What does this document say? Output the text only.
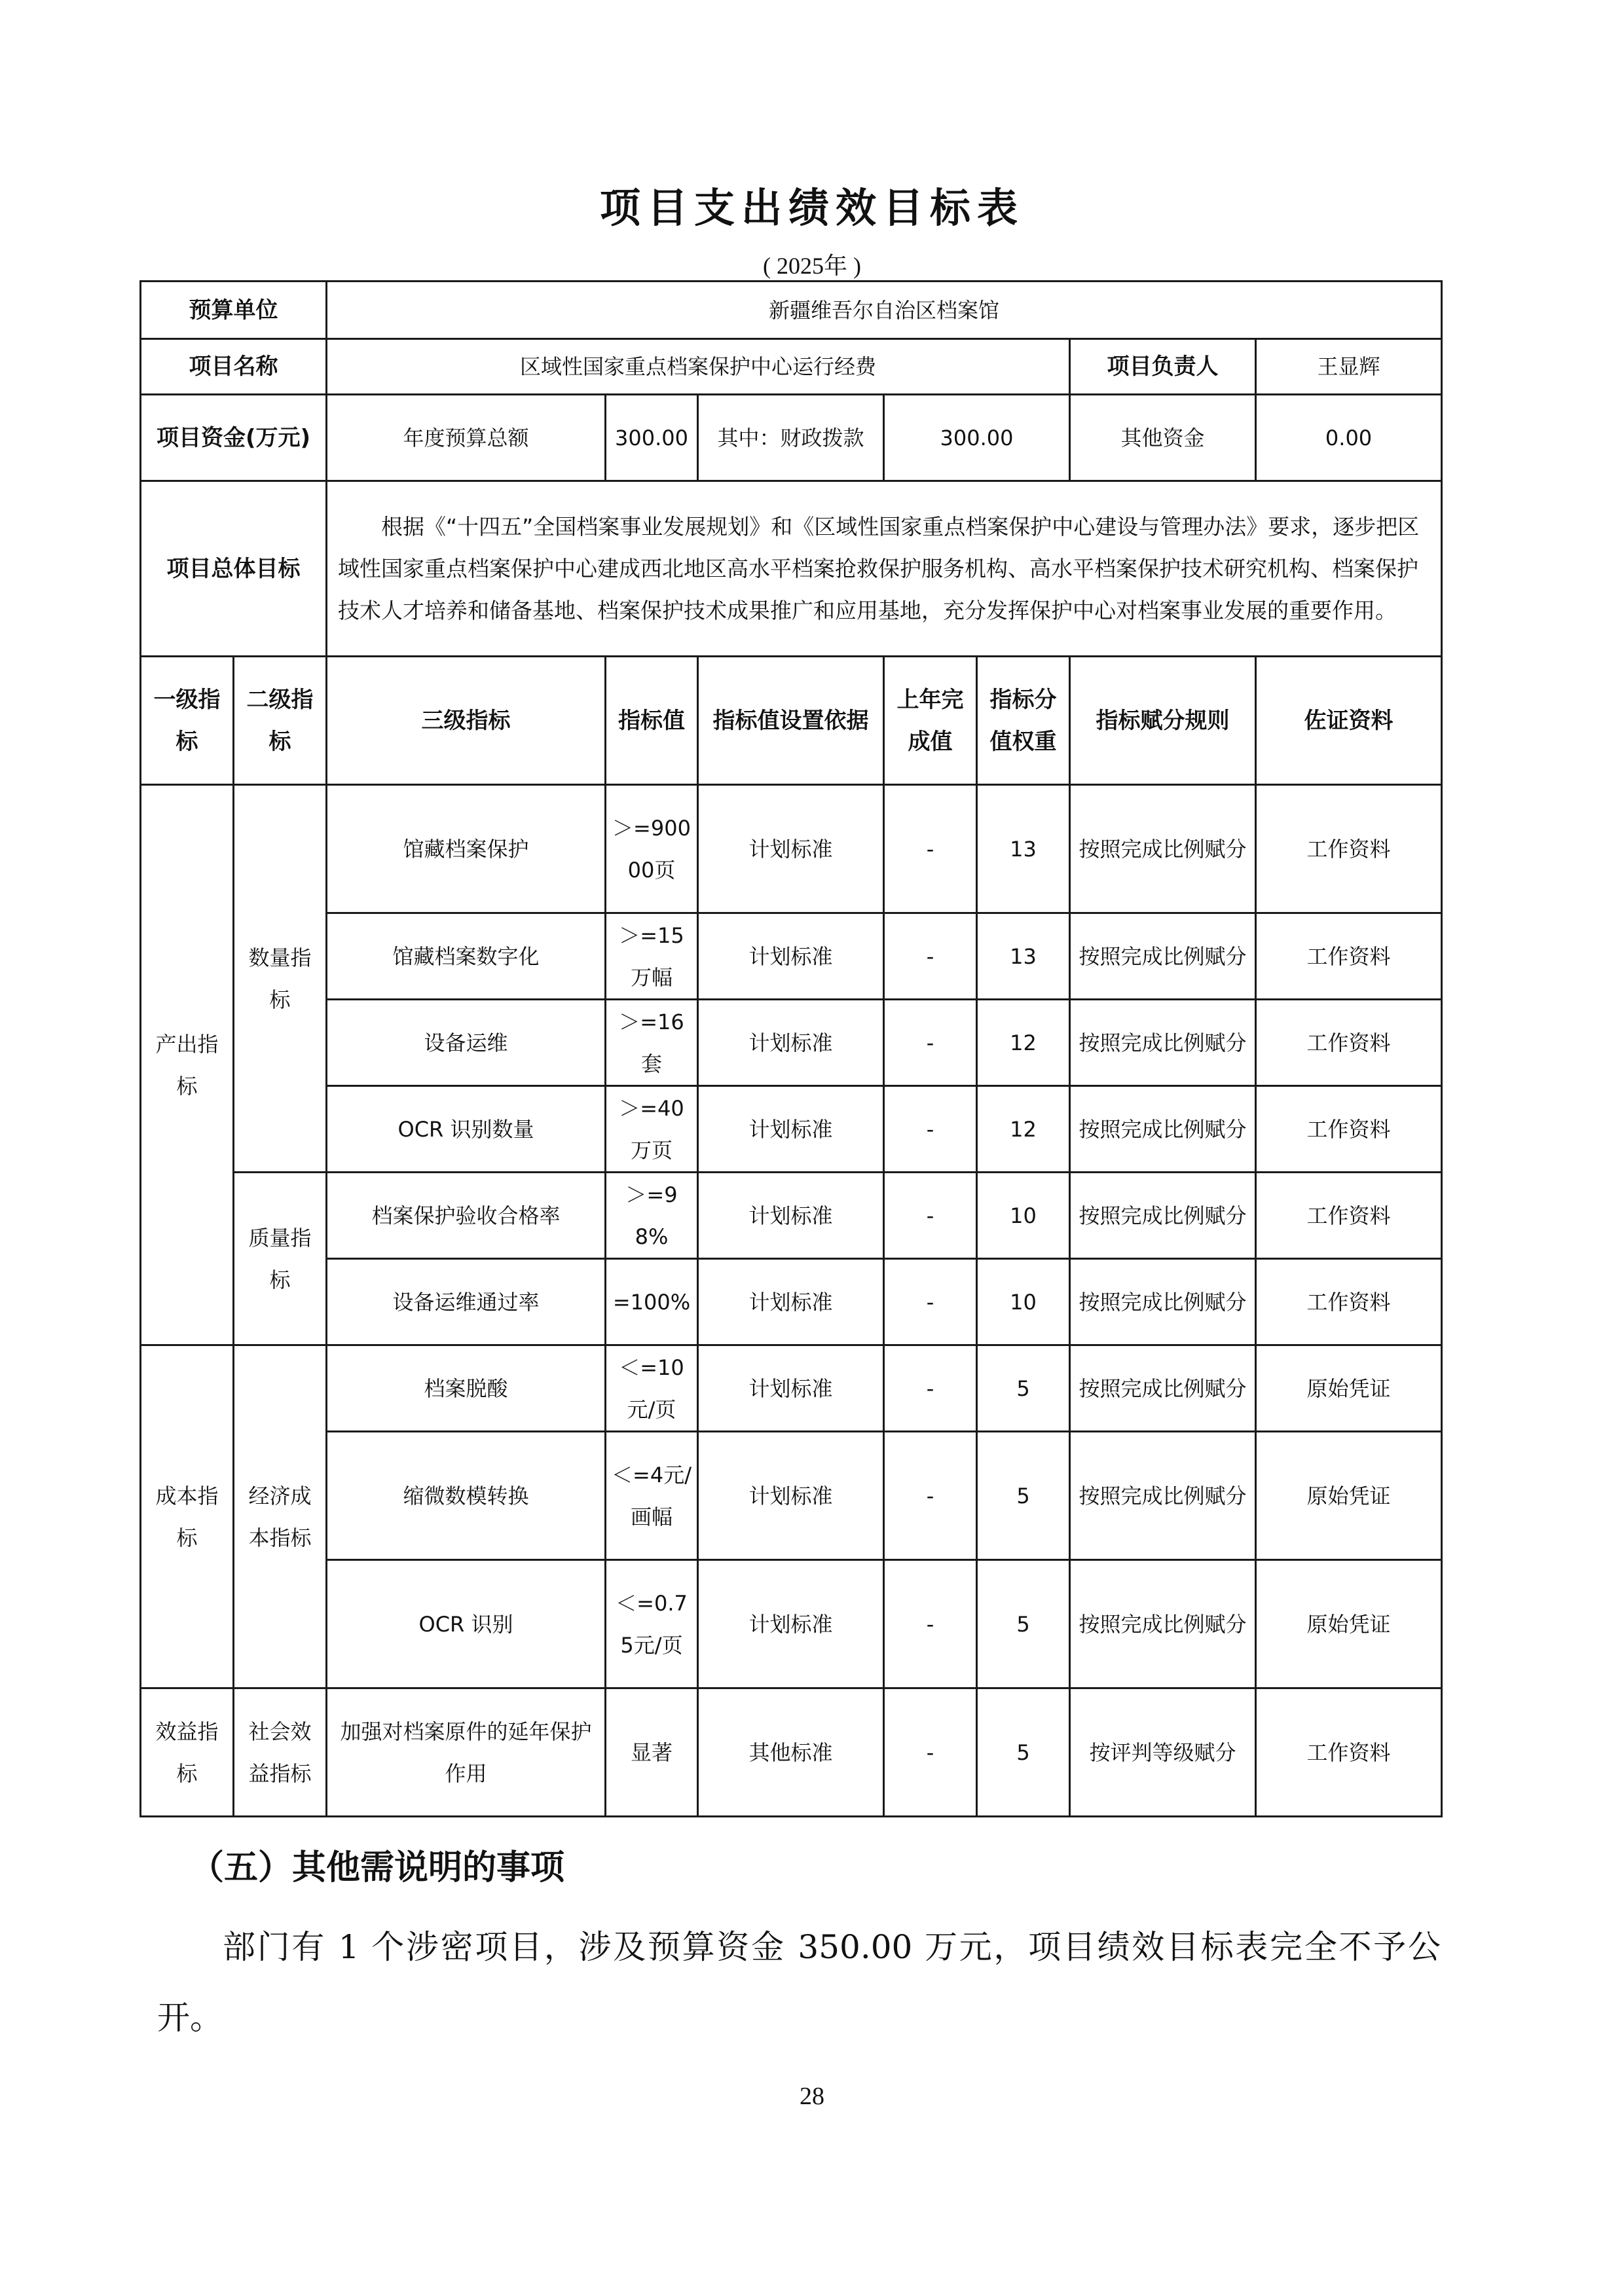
项目支出绩效目标表
( 2025年 )
预算单位		新疆维吾尔自治区档案馆						
项目名称		区域性国家重点档案保护中心运行经费					项目负责人	王显辉
项目资金(万元)		年度预算总额	300.00	其中：财政拨款	300.00		其他资金	0.00
项目总体目标		根据《“十四五”全国档案事业发展规划》和《区域性国家重点档案保护中心建设与管理办法》要求，逐步把区域性国家重点档案保护中心建成西北地区高水平档案抢救保护服务机构、高水平档案保护技术研究机构、档案保护技术人才培养和储备基地、档案保护技术成果推广和应用基地，充分发挥保护中心对档案事业发展的重要作用。						
一级指标	二级指标	三级指标	指标值	指标值设置依据	上年完成值	指标分值权重	指标赋分规则	佐证资料
产出指标	数量指标	馆藏档案保护	＞=90000页	计划标准	-	13	按照完成比例赋分	工作资料
		馆藏档案数字化	＞=15万幅	计划标准	-	13	按照完成比例赋分	工作资料
		设备运维	＞=16套	计划标准	-	12	按照完成比例赋分	工作资料
		OCR 识别数量	＞=40万页	计划标准	-	12	按照完成比例赋分	工作资料
	质量指标	档案保护验收合格率	＞=98%	计划标准	-	10	按照完成比例赋分	工作资料
		设备运维通过率	=100%	计划标准	-	10	按照完成比例赋分	工作资料
成本指标	经济成本指标	档案脱酸	＜=10元/页	计划标准	-	5	按照完成比例赋分	原始凭证
		缩微数模转换	＜=4元/画幅	计划标准	-	5	按照完成比例赋分	原始凭证
		OCR 识别	＜=0.75元/页	计划标准	-	5	按照完成比例赋分	原始凭证
效益指标	社会效益指标	加强对档案原件的延年保护作用	显著	其他标准	-	5	按评判等级赋分	工作资料
（五）其他需说明的事项
部门有 1 个涉密项目，涉及预算资金 350.00 万元，项目绩效目标表完全不予公开。
28
